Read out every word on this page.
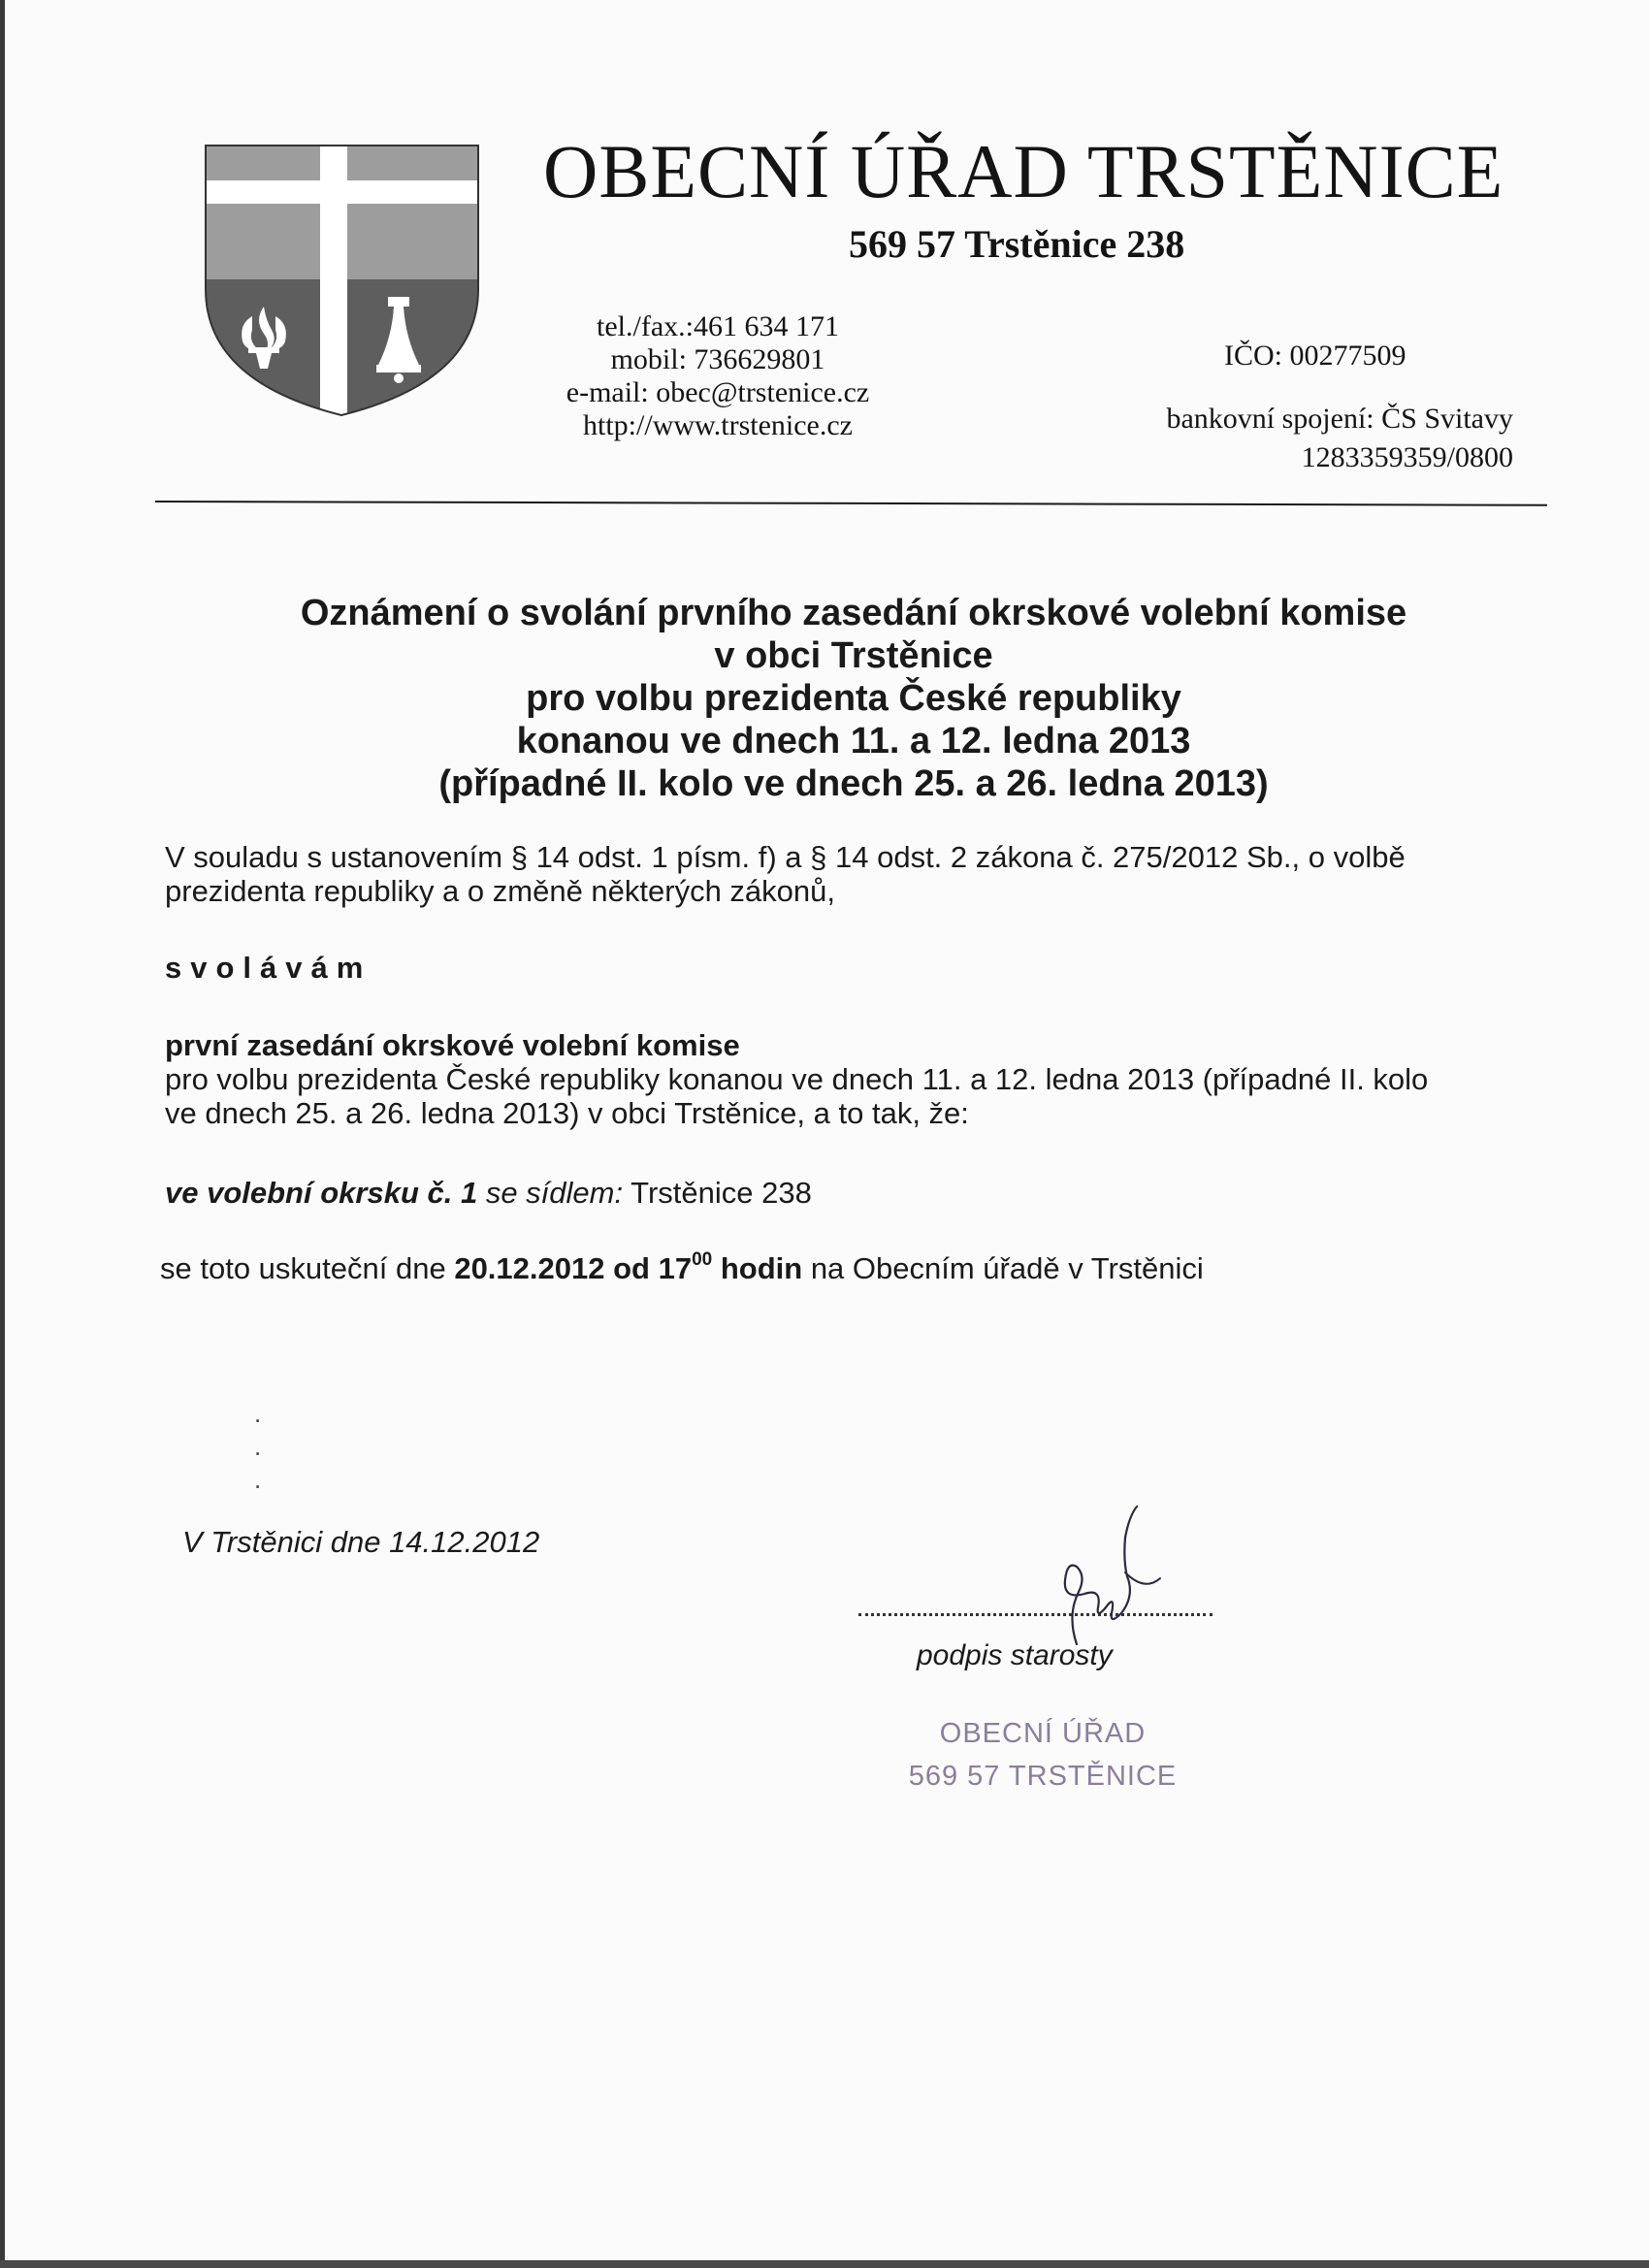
OBECNÍ ÚŘAD TRSTĚNICE
569 57 Trstěnice 238
tel./fax.:461 634 171
mobil: 736629801
e-mail: obec@trstenice.cz
http://www.trstenice.cz
IČO: 00277509
bankovní spojení: ČS Svitavy
1283359359/0800
Oznámení o svolání prvního zasedání okrskové volební komise
v obci Trstěnice
pro volbu prezidenta České republiky
konanou ve dnech 11. a 12. ledna 2013
(případné II. kolo ve dnech 25. a 26. ledna 2013)
V souladu s ustanovením § 14 odst. 1 písm. f) a § 14 odst. 2 zákona č. 275/2012 Sb., o volbě
prezidenta republiky a o změně některých zákonů,
svolávám
první zasedání okrskové volební komise
pro volbu prezidenta České republiky konanou ve dnech 11. a 12. ledna 2013 (případné II. kolo
ve dnech 25. a 26. ledna 2013) v obci Trstěnice, a to tak, že:
ve volební okrsku č. 1 se sídlem: Trstěnice 238
se toto uskuteční dne 20.12.2012 od $17^{00}$ hodin na Obecním úřadě v Trstěnici
.
.
.
V Trstěnici dne 14.12.2012
podpis starosty
OBECNÍ ÚŘAD
569 57 TRSTĚNICE
